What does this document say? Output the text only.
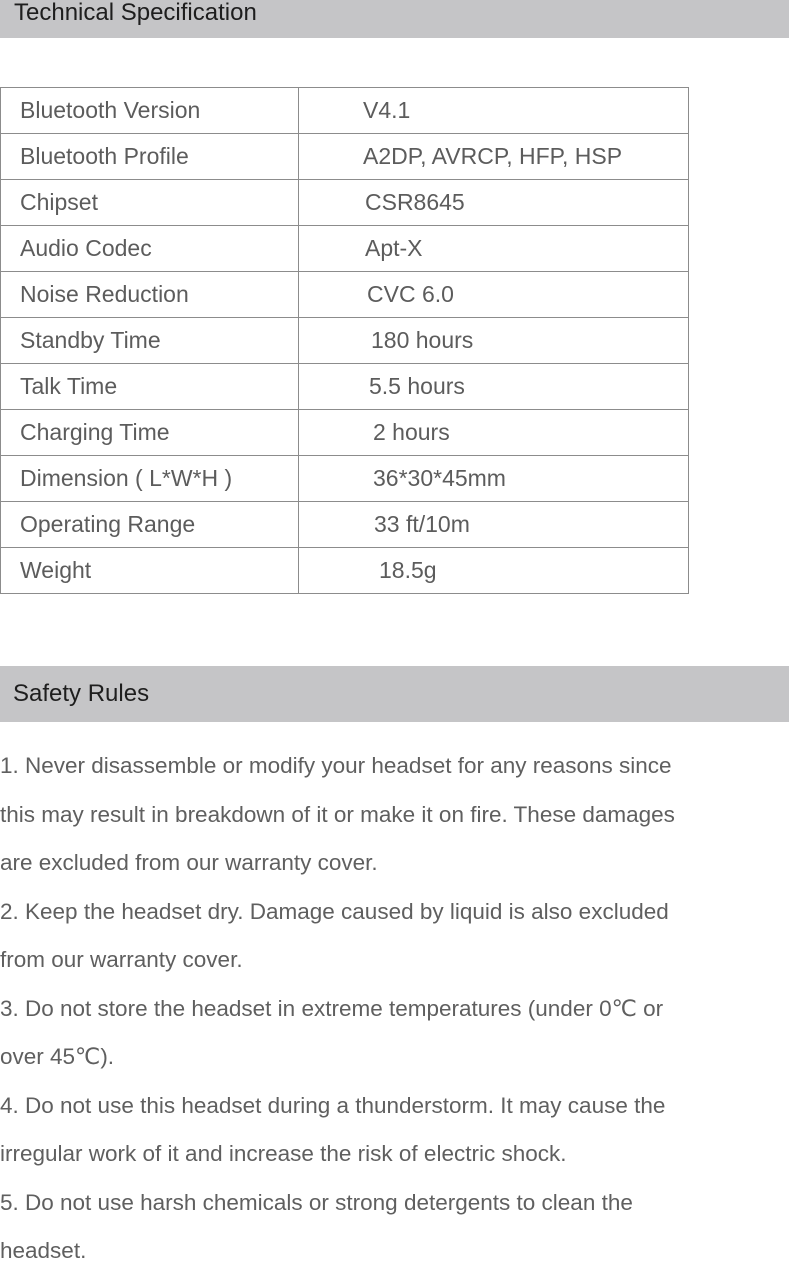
Technical Specification
Bluetooth Version	V4.1
Bluetooth Profile	A2DP, AVRCP, HFP, HSP
Chipset	CSR8645
Audio Codec	Apt-X
Noise Reduction	CVC 6.0
Standby Time	180 hours
Talk Time	5.5 hours
Charging Time	2 hours
Dimension ( L*W*H )	36*30*45mm
Operating Range	33 ft/10m
Weight	18.5g
Safety Rules
1. Never disassemble or modify your headset for any reasons since
this may result in breakdown of it or make it on fire. These damages
are excluded from our warranty cover.
2. Keep the headset dry. Damage caused by liquid is also excluded
from our warranty cover.
3. Do not store the headset in extreme temperatures (under 0℃ or
over 45℃).
4. Do not use this headset during a thunderstorm. It may cause the
irregular work of it and increase the risk of electric shock.
5. Do not use harsh chemicals or strong detergents to clean the
headset.
